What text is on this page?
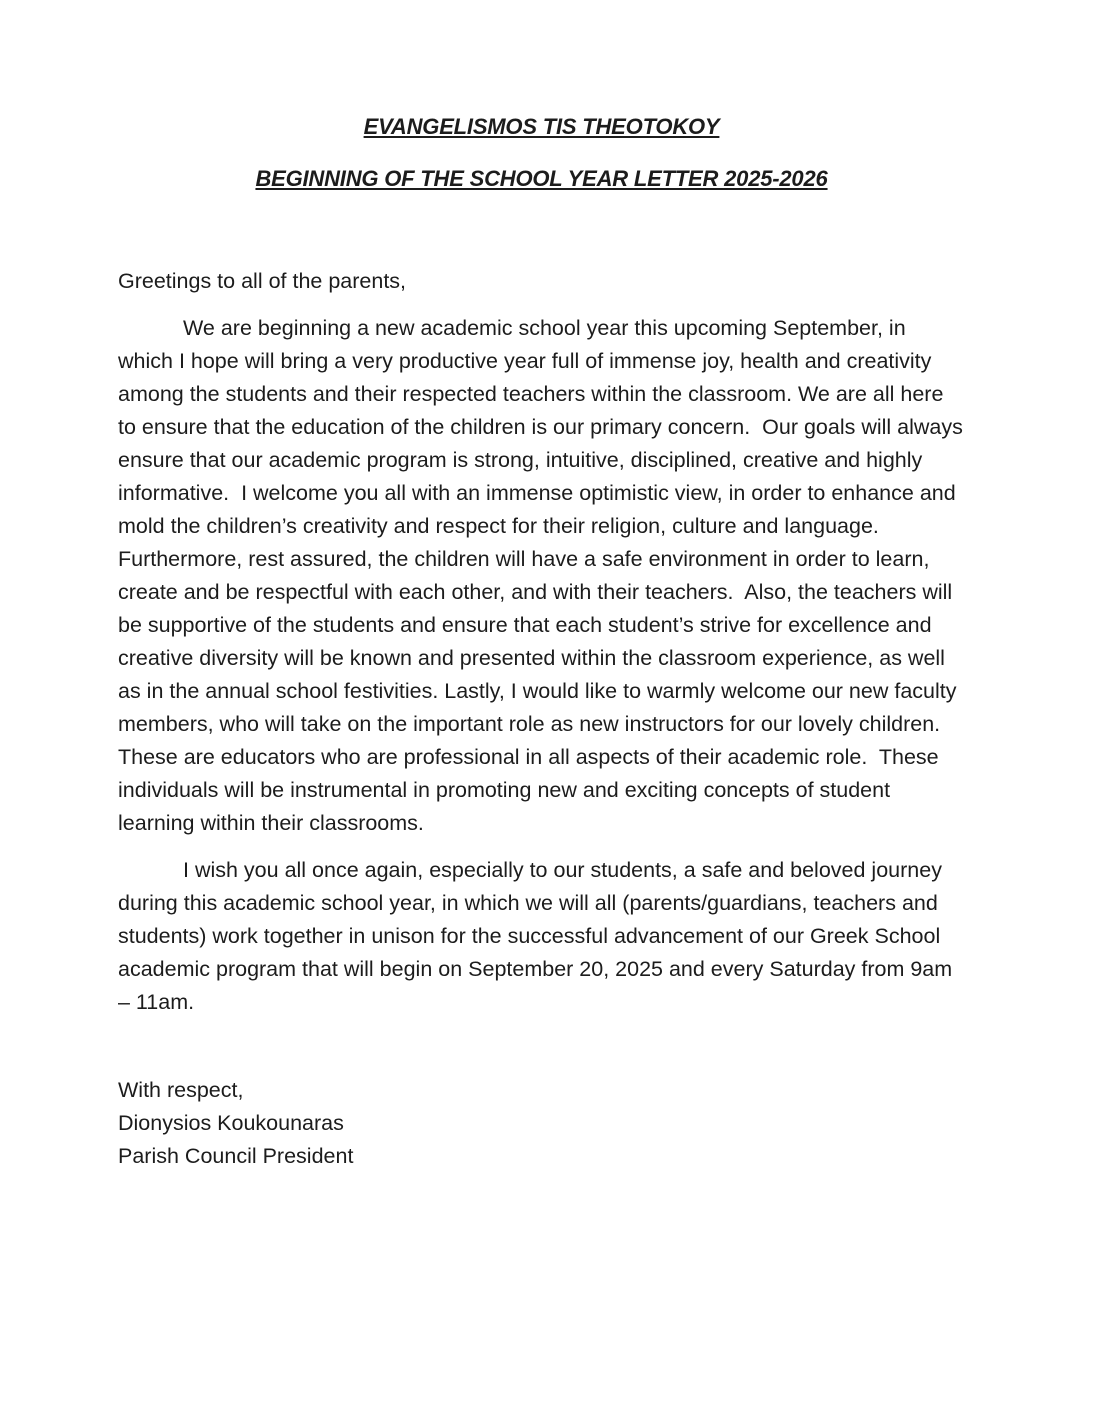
EVANGELISMOS TIS THEOTOKOY
BEGINNING OF THE SCHOOL YEAR LETTER 2025-2026

Greetings to all of the parents,

We are beginning a new academic school year this upcoming September, in which I hope will bring a very productive year full of immense joy, health and creativity among the students and their respected teachers within the classroom. We are all here to ensure that the education of the children is our primary concern.  Our goals will always ensure that our academic program is strong, intuitive, disciplined, creative and highly informative.  I welcome you all with an immense optimistic view, in order to enhance and mold the children’s creativity and respect for their religion, culture and language. Furthermore, rest assured, the children will have a safe environment in order to learn, create and be respectful with each other, and with their teachers.  Also, the teachers will be supportive of the students and ensure that each student’s strive for excellence and creative diversity will be known and presented within the classroom experience, as well as in the annual school festivities. Lastly, I would like to warmly welcome our new faculty members, who will take on the important role as new instructors for our lovely children.  These are educators who are professional in all aspects of their academic role.  These individuals will be instrumental in promoting new and exciting concepts of student learning within their classrooms.

I wish you all once again, especially to our students, a safe and beloved journey during this academic school year, in which we will all (parents/guardians, teachers and students) work together in unison for the successful advancement of our Greek School academic program that will begin on September 20, 2025 and every Saturday from 9am – 11am.

With respect,

Dionysios Koukounaras

Parish Council President
